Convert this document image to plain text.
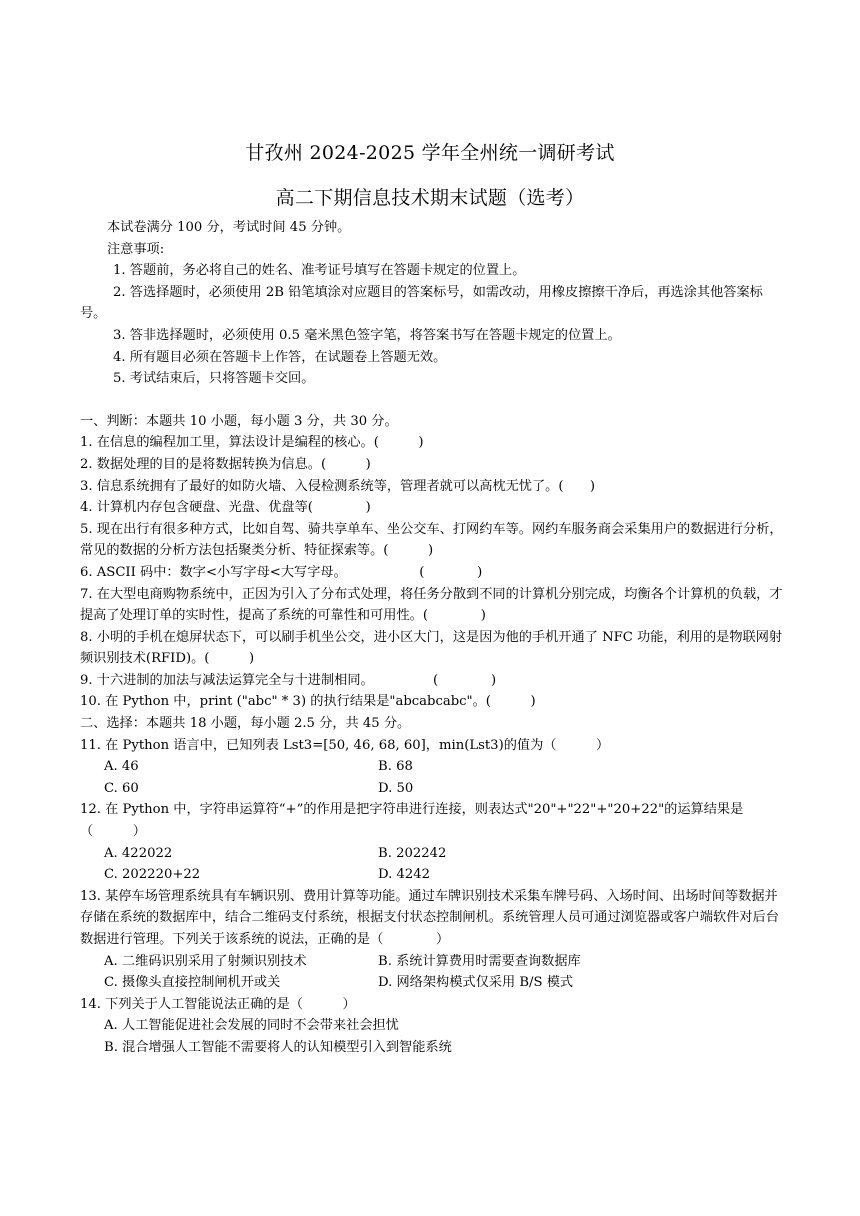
甘孜州 2024-2025 学年全州统一调研考试
高二下期信息技术期末试题（选考）

本试卷满分 100 分，考试时间 45 分钟。

注意事项:

1. 答题前，务必将自己的姓名、准考证号填写在答题卡规定的位置上。

2. 答选择题时，必须使用 2B 铅笔填涂对应题目的答案标号，如需改动，用橡皮擦擦干净后，再选涂其他答案标号。

3. 答非选择题时，必须使用 0.5 毫米黑色签字笔，将答案书写在答题卡规定的位置上。

4. 所有题目必须在答题卡上作答，在试题卷上答题无效。

5. 考试结束后，只将答题卡交回。

一、判断：本题共 10 小题，每小题 3 分，共 30 分。

1. 在信息的编程加工里，算法设计是编程的核心。(　　　)

2. 数据处理的目的是将数据转换为信息。(　　　)

3. 信息系统拥有了最好的如防火墙、入侵检测系统等，管理者就可以高枕无忧了。(　　)

4. 计算机内存包含硬盘、光盘、优盘等(　　　　)

5. 现在出行有很多种方式，比如自驾、骑共享单车、坐公交车、打网约车等。网约车服务商会采集用户的数据进行分析，常见的数据的分析方法包括聚类分析、特征探索等。(　　　)

6. ASCII 码中：数字<小写字母<大写字母。　　　　　　(　　　　)

7. 在大型电商购物系统中，正因为引入了分布式处理，将任务分散到不同的计算机分别完成，均衡各个计算机的负载，才提高了处理订单的实时性，提高了系统的可靠性和可用性。(　　　　)

8. 小明的手机在熄屏状态下，可以刷手机坐公交，进小区大门，这是因为他的手机开通了 NFC 功能，利用的是物联网射频识别技术(RFID)。(　　　)

9. 十六进制的加法与减法运算完全与十进制相同。　　　　　(　　　　)

10. 在 Python 中，print ("abc" * 3) 的执行结果是"abcabcabc"。(　　　)

二、选择：本题共 18 小题，每小题 2.5 分，共 45 分。

11. 在 Python 语言中，已知列表 Lst3=[50, 46, 68, 60]，min(Lst3)的值为（　　　）

A. 46	B. 68
C. 60	D. 50

12. 在 Python 中，字符串运算符“+”的作用是把字符串进行连接，则表达式"20"+"22"+"20+22"的运算结果是（　　　）

A. 422022	B. 202242
C. 202220+22	D. 4242

13. 某停车场管理系统具有车辆识别、费用计算等功能。通过车牌识别技术采集车牌号码、入场时间、出场时间等数据并存储在系统的数据库中，结合二维码支付系统，根据支付状态控制闸机。系统管理人员可通过浏览器或客户端软件对后台数据进行管理。下列关于该系统的说法，正确的是（　　　　）

A. 二维码识别采用了射频识别技术	B. 系统计算费用时需要查询数据库
C. 摄像头直接控制闸机开或关	D. 网络架构模式仅采用 B/S 模式

14. 下列关于人工智能说法正确的是（　　　）

A. 人工智能促进社会发展的同时不会带来社会担忧

B. 混合增强人工智能不需要将人的认知模型引入到智能系统
